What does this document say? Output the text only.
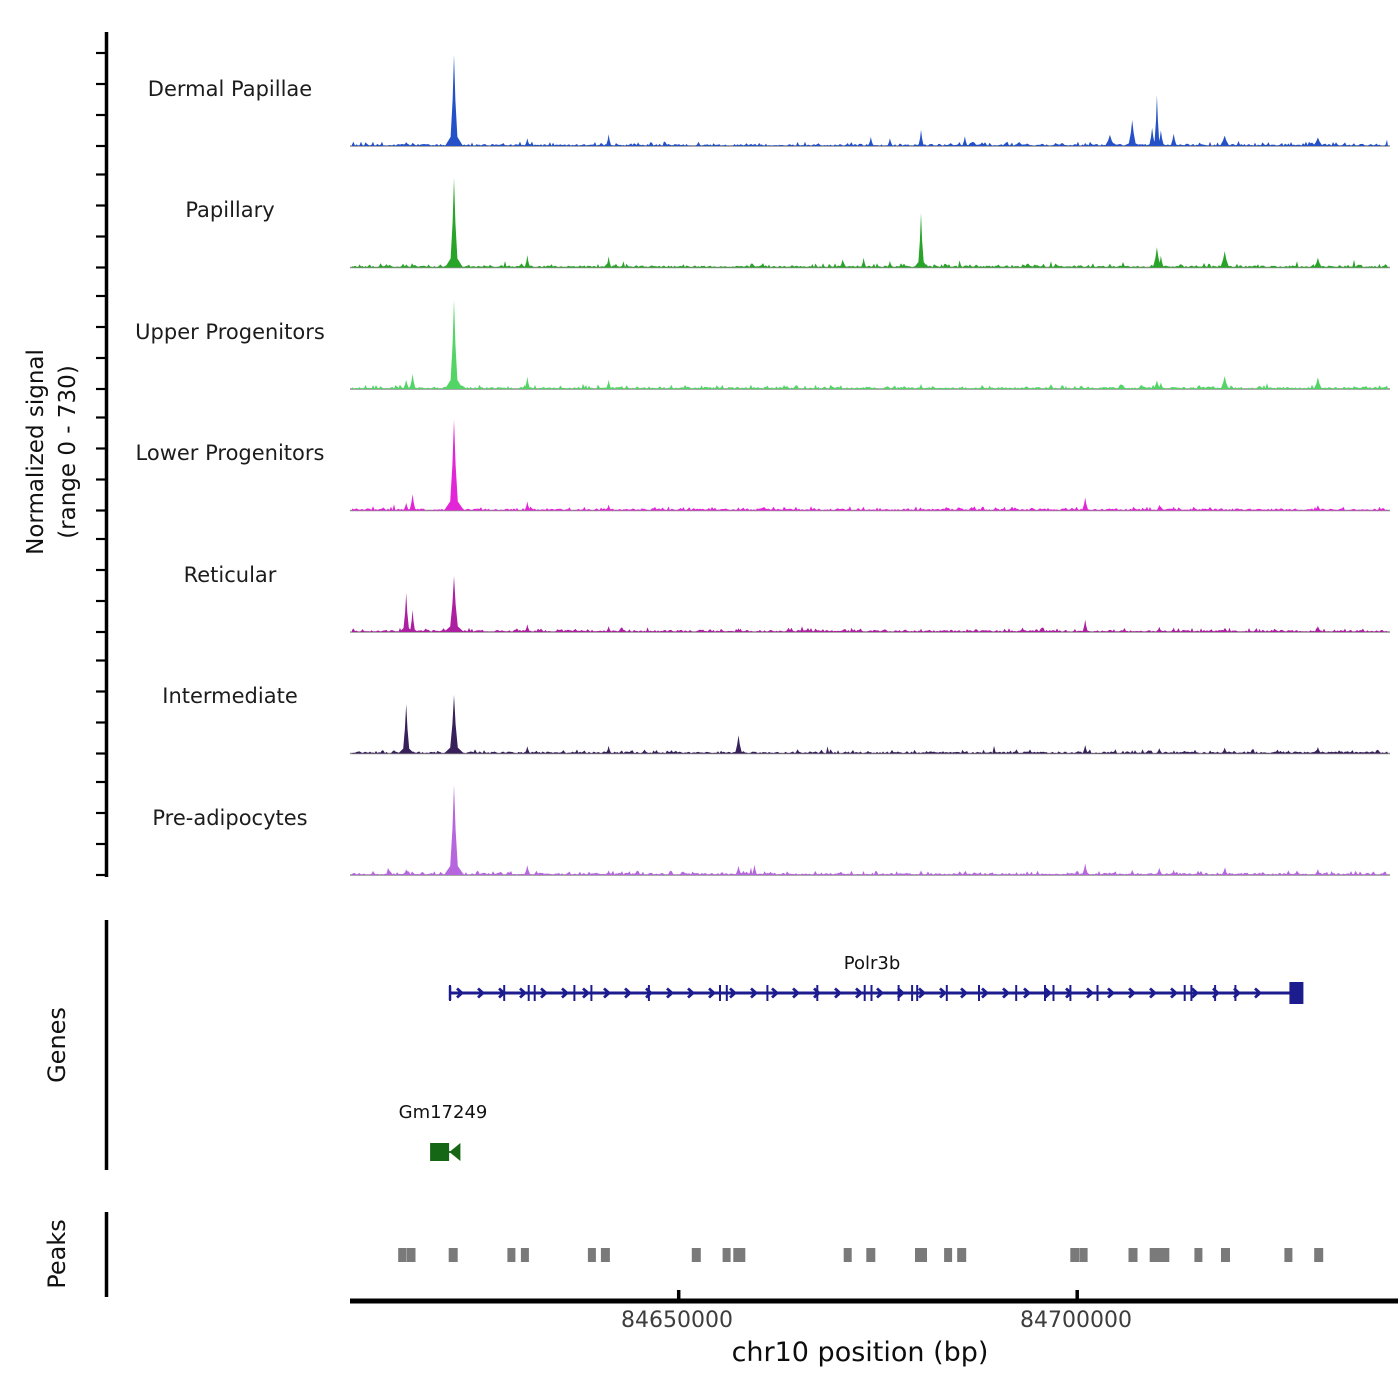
Normalized signal (range 0 - 730)
Genes
Peaks
Dermal Papillae
Papillary
Upper Progenitors
Lower Progenitors
Reticular
Intermediate
Pre-adipocytes
Polr3b
Gm17249
84650000	84700000
chr10 position (bp)
